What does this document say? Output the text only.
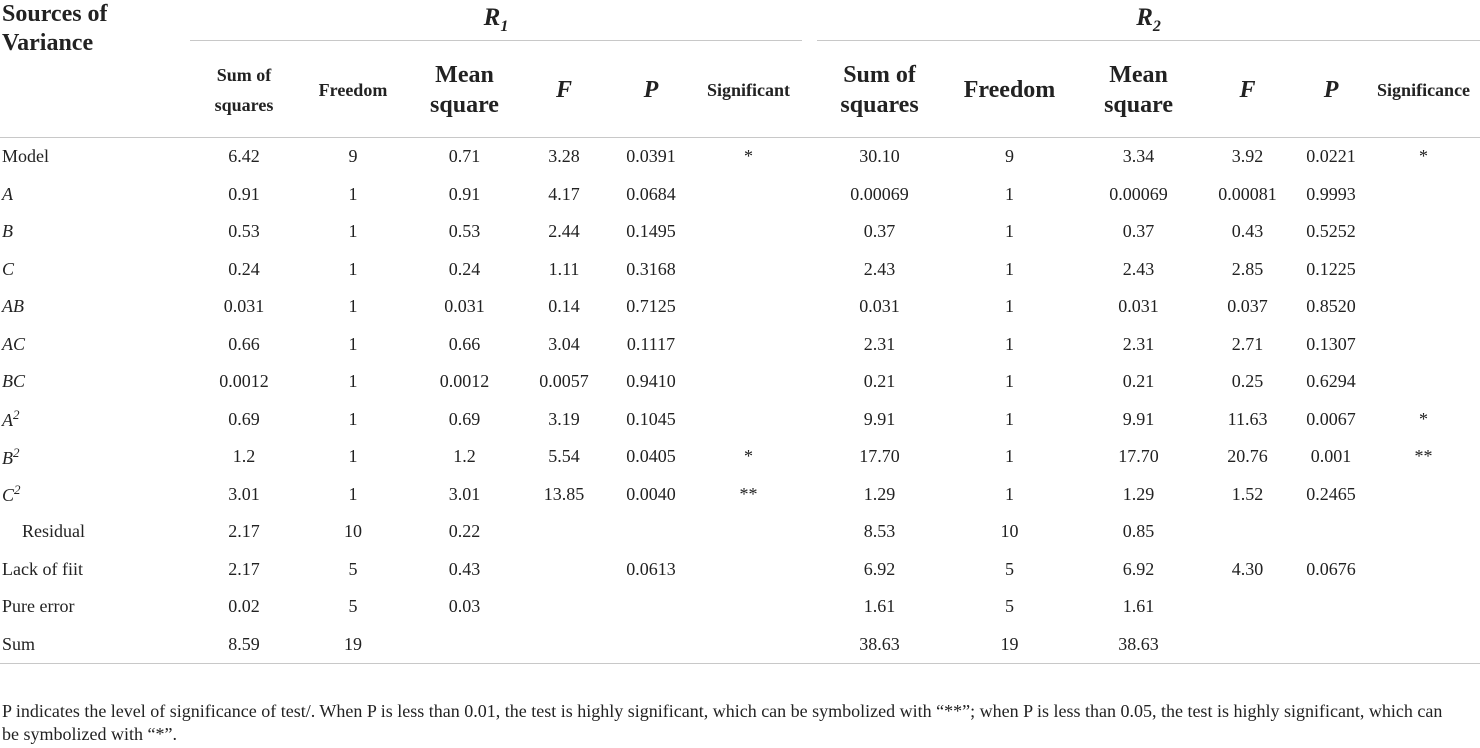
Sources of Variance	$R_1$							$R_2$

	Sum of squares	Freedom	Mean square	F	P	Significant		Sum of squares	Freedom	Mean square	F	P	Significance

Model	6.42	9	0.71	3.28	0.0391	*		30.10	9	3.34	3.92	0.0221	*
A	0.91	1	0.91	4.17	0.0684			0.00069	1	0.00069	0.00081	0.9993	
B	0.53	1	0.53	2.44	0.1495			0.37	1	0.37	0.43	0.5252	
C	0.24	1	0.24	1.11	0.3168			2.43	1	2.43	2.85	0.1225	
AB	0.031	1	0.031	0.14	0.7125			0.031	1	0.031	0.037	0.8520	
AC	0.66	1	0.66	3.04	0.1117			2.31	1	2.31	2.71	0.1307	
BC	0.0012	1	0.0012	0.0057	0.9410			0.21	1	0.21	0.25	0.6294	
$A^2$	0.69	1	0.69	3.19	0.1045			9.91	1	9.91	11.63	0.0067	*
$B^2$	1.2	1	1.2	5.54	0.0405	*		17.70	1	17.70	20.76	0.001	**
$C^2$	3.01	1	3.01	13.85	0.0040	**		1.29	1	1.29	1.52	0.2465	
Residual	2.17	10	0.22					8.53	10	0.85			
Lack of fiit	2.17	5	0.43		0.0613			6.92	5	6.92	4.30	0.0676	
Pure error	0.02	5	0.03					1.61	5	1.61			
Sum	8.59	19						38.63	19	38.63			
P indicates the level of significance of test/. When P is less than 0.01, the test is highly significant, which can be symbolized with “**”; when P is less than 0.05, the test is highly significant, which can be symbolized with “*”.
